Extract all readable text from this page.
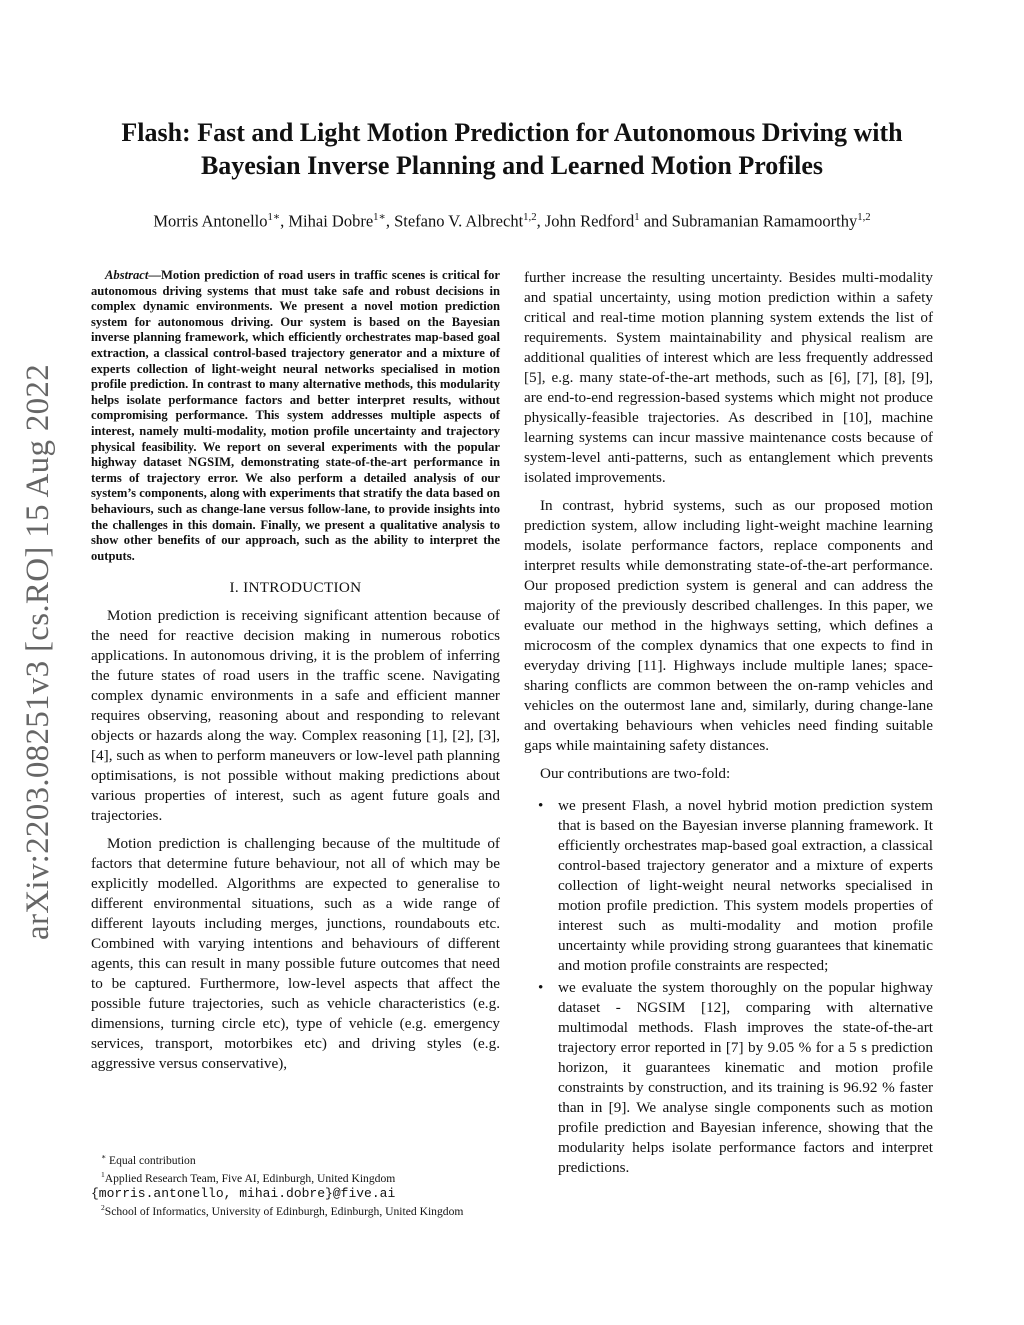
arXiv:2203.08251v3 [cs.RO] 15 Aug 2022
Flash: Fast and Light Motion Prediction for Autonomous Driving with
Bayesian Inverse Planning and Learned Motion Profiles
Morris Antonello$^{1∗}$, Mihai Dobre$^{1∗}$, Stefano V. Albrecht$^{1,2}$, John Redford$^1$ and Subramanian Ramamoorthy$^{1,2}$

Abstract—Motion prediction of road users in traffic scenes is critical for autonomous driving systems that must take safe and robust decisions in complex dynamic environments. We present a novel motion prediction system for autonomous driving. Our system is based on the Bayesian inverse planning framework, which efficiently orchestrates map-based goal extraction, a classical control-based trajectory generator and a mixture of experts collection of light-weight neural networks specialised in motion profile prediction. In contrast to many alternative methods, this modularity helps isolate performance factors and better interpret results, without compromising performance. This system addresses multiple aspects of interest, namely multi-modality, motion profile uncertainty and trajectory physical feasibility. We report on several experiments with the popular highway dataset NGSIM, demonstrating state-of-the-art performance in terms of trajectory error. We also perform a detailed analysis of our system’s components, along with experiments that stratify the data based on behaviours, such as change-lane versus follow-lane, to provide insights into the challenges in this domain. Finally, we present a qualitative analysis to show other benefits of our approach, such as the ability to interpret the outputs.

I. INTRODUCTION

Motion prediction is receiving significant attention because of the need for reactive decision making in numerous robotics applications. In autonomous driving, it is the problem of inferring the future states of road users in the traffic scene. Navigating complex dynamic environments in a safe and efficient manner requires observing, reasoning about and responding to relevant objects or hazards along the way. Complex reasoning [1], [2], [3], [4], such as when to perform maneuvers or low-level path planning optimisations, is not possible without making predictions about various properties of interest, such as agent future goals and trajectories.

Motion prediction is challenging because of the multitude of factors that determine future behaviour, not all of which may be explicitly modelled. Algorithms are expected to generalise to different environmental situations, such as a wide range of different layouts including merges, junctions, roundabouts etc. Combined with varying intentions and behaviours of different agents, this can result in many possible future outcomes that need to be captured. Furthermore, low-level aspects that affect the possible future trajectories, such as vehicle characteristics (e.g. dimensions, turning circle etc), type of vehicle (e.g. emergency services, transport, motorbikes etc) and driving styles (e.g. aggressive versus conservative),

further increase the resulting uncertainty. Besides multi-modality and spatial uncertainty, using motion prediction within a safety critical and real-time motion planning system extends the list of requirements. System maintainability and physical realism are additional qualities of interest which are less frequently addressed [5], e.g. many state-of-the-art methods, such as [6], [7], [8], [9], are end-to-end regression-based systems which might not produce physically-feasible trajectories. As described in [10], machine learning systems can incur massive maintenance costs because of system-level anti-patterns, such as entanglement which prevents isolated improvements.

In contrast, hybrid systems, such as our proposed motion prediction system, allow including light-weight machine learning models, isolate performance factors, replace components and interpret results while demonstrating state-of-the-art performance. Our proposed prediction system is general and can address the majority of the previously described challenges. In this paper, we evaluate our method in the highways setting, which defines a microcosm of the complex dynamics that one expects to find in everyday driving [11]. Highways include multiple lanes; space-sharing conflicts are common between the on-ramp vehicles and vehicles on the outermost lane and, similarly, during change-lane and overtaking behaviours when vehicles need finding suitable gaps while maintaining safety distances.

Our contributions are two-fold:

• we present Flash, a novel hybrid motion prediction system that is based on the Bayesian inverse planning framework. It efficiently orchestrates map-based goal extraction, a classical control-based trajectory generator and a mixture of experts collection of light-weight neural networks specialised in motion profile prediction. This system models properties of interest such as multi-modality and motion profile uncertainty while providing strong guarantees that kinematic and motion profile constraints are respected;
• we evaluate the system thoroughly on the popular highway dataset - NGSIM [12], comparing with alternative multimodal methods. Flash improves the state-of-the-art trajectory error reported in [7] by 9.05 % for a 5 s prediction horizon, it guarantees kinematic and motion profile constraints by construction, and its training is 96.92 % faster than in [9]. We analyse single components such as motion profile prediction and Bayesian inference, showing that the modularity helps isolate performance factors and interpret predictions.

∗ Equal contribution

$^1$Applied Research Team, Five AI, Edinburgh, United Kingdom

{morris.antonello, mihai.dobre}@five.ai

$^2$School of Informatics, University of Edinburgh, Edinburgh, United Kingdom
